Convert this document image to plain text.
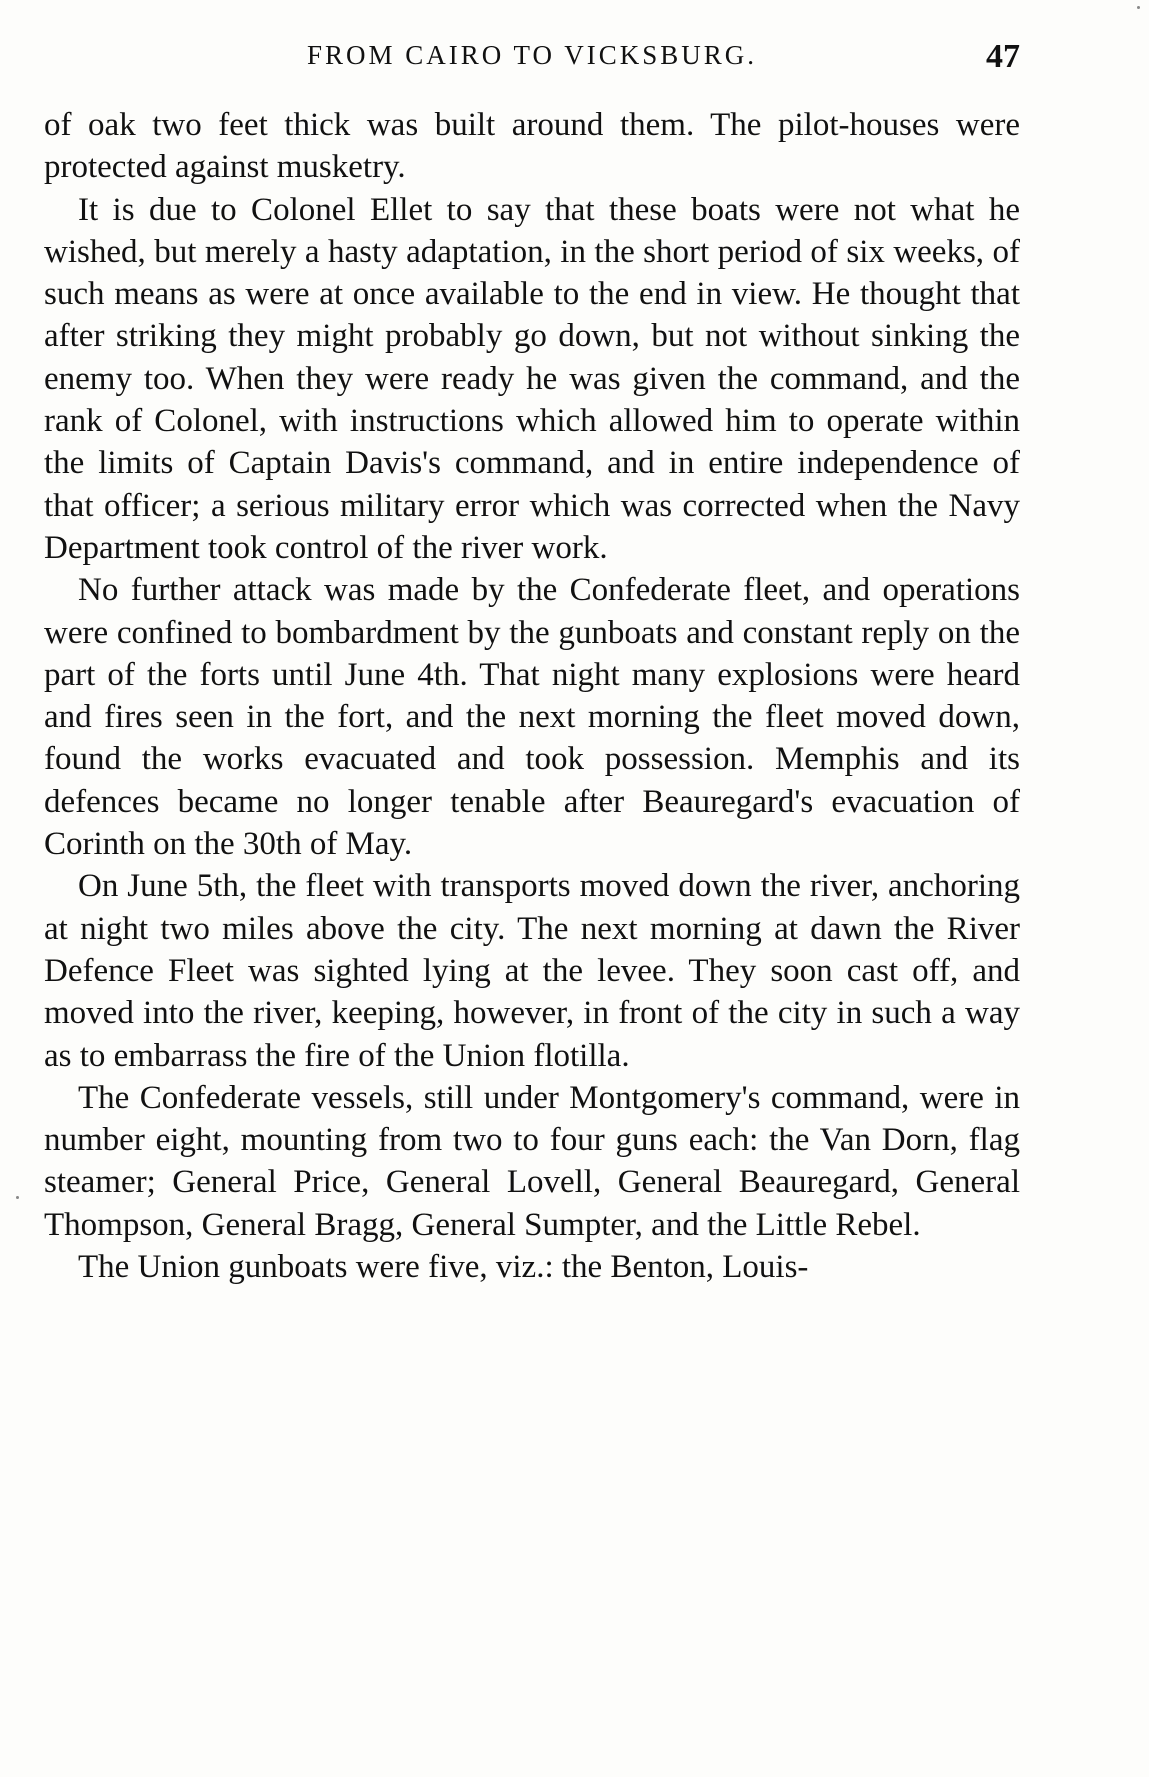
FROM CAIRO TO VICKSBURG.	47

of oak two feet thick was built around them. The pilot-houses were protected against musketry.

It is due to Colonel Ellet to say that these boats were not what he wished, but merely a hasty adaptation, in the short period of six weeks, of such means as were at once available to the end in view. He thought that after striking they might probably go down, but not without sinking the enemy too. When they were ready he was given the command, and the rank of Colonel, with instructions which allowed him to operate within the limits of Captain Davis's command, and in entire independence of that officer; a serious military error which was corrected when the Navy Department took control of the river work.

No further attack was made by the Confederate fleet, and operations were confined to bombardment by the gunboats and constant reply on the part of the forts until June 4th. That night many explosions were heard and fires seen in the fort, and the next morning the fleet moved down, found the works evacuated and took possession. Memphis and its defences became no longer tenable after Beauregard's evacuation of Corinth on the 30th of May.

On June 5th, the fleet with transports moved down the river, anchoring at night two miles above the city. The next morning at dawn the River Defence Fleet was sighted lying at the levee. They soon cast off, and moved into the river, keeping, however, in front of the city in such a way as to embarrass the fire of the Union flotilla.

The Confederate vessels, still under Montgomery's command, were in number eight, mounting from two to four guns each: the Van Dorn, flag steamer; General Price, General Lovell, General Beauregard, General Thompson, General Bragg, General Sumpter, and the Little Rebel.

The Union gunboats were five, viz.: the Benton, Louis-
